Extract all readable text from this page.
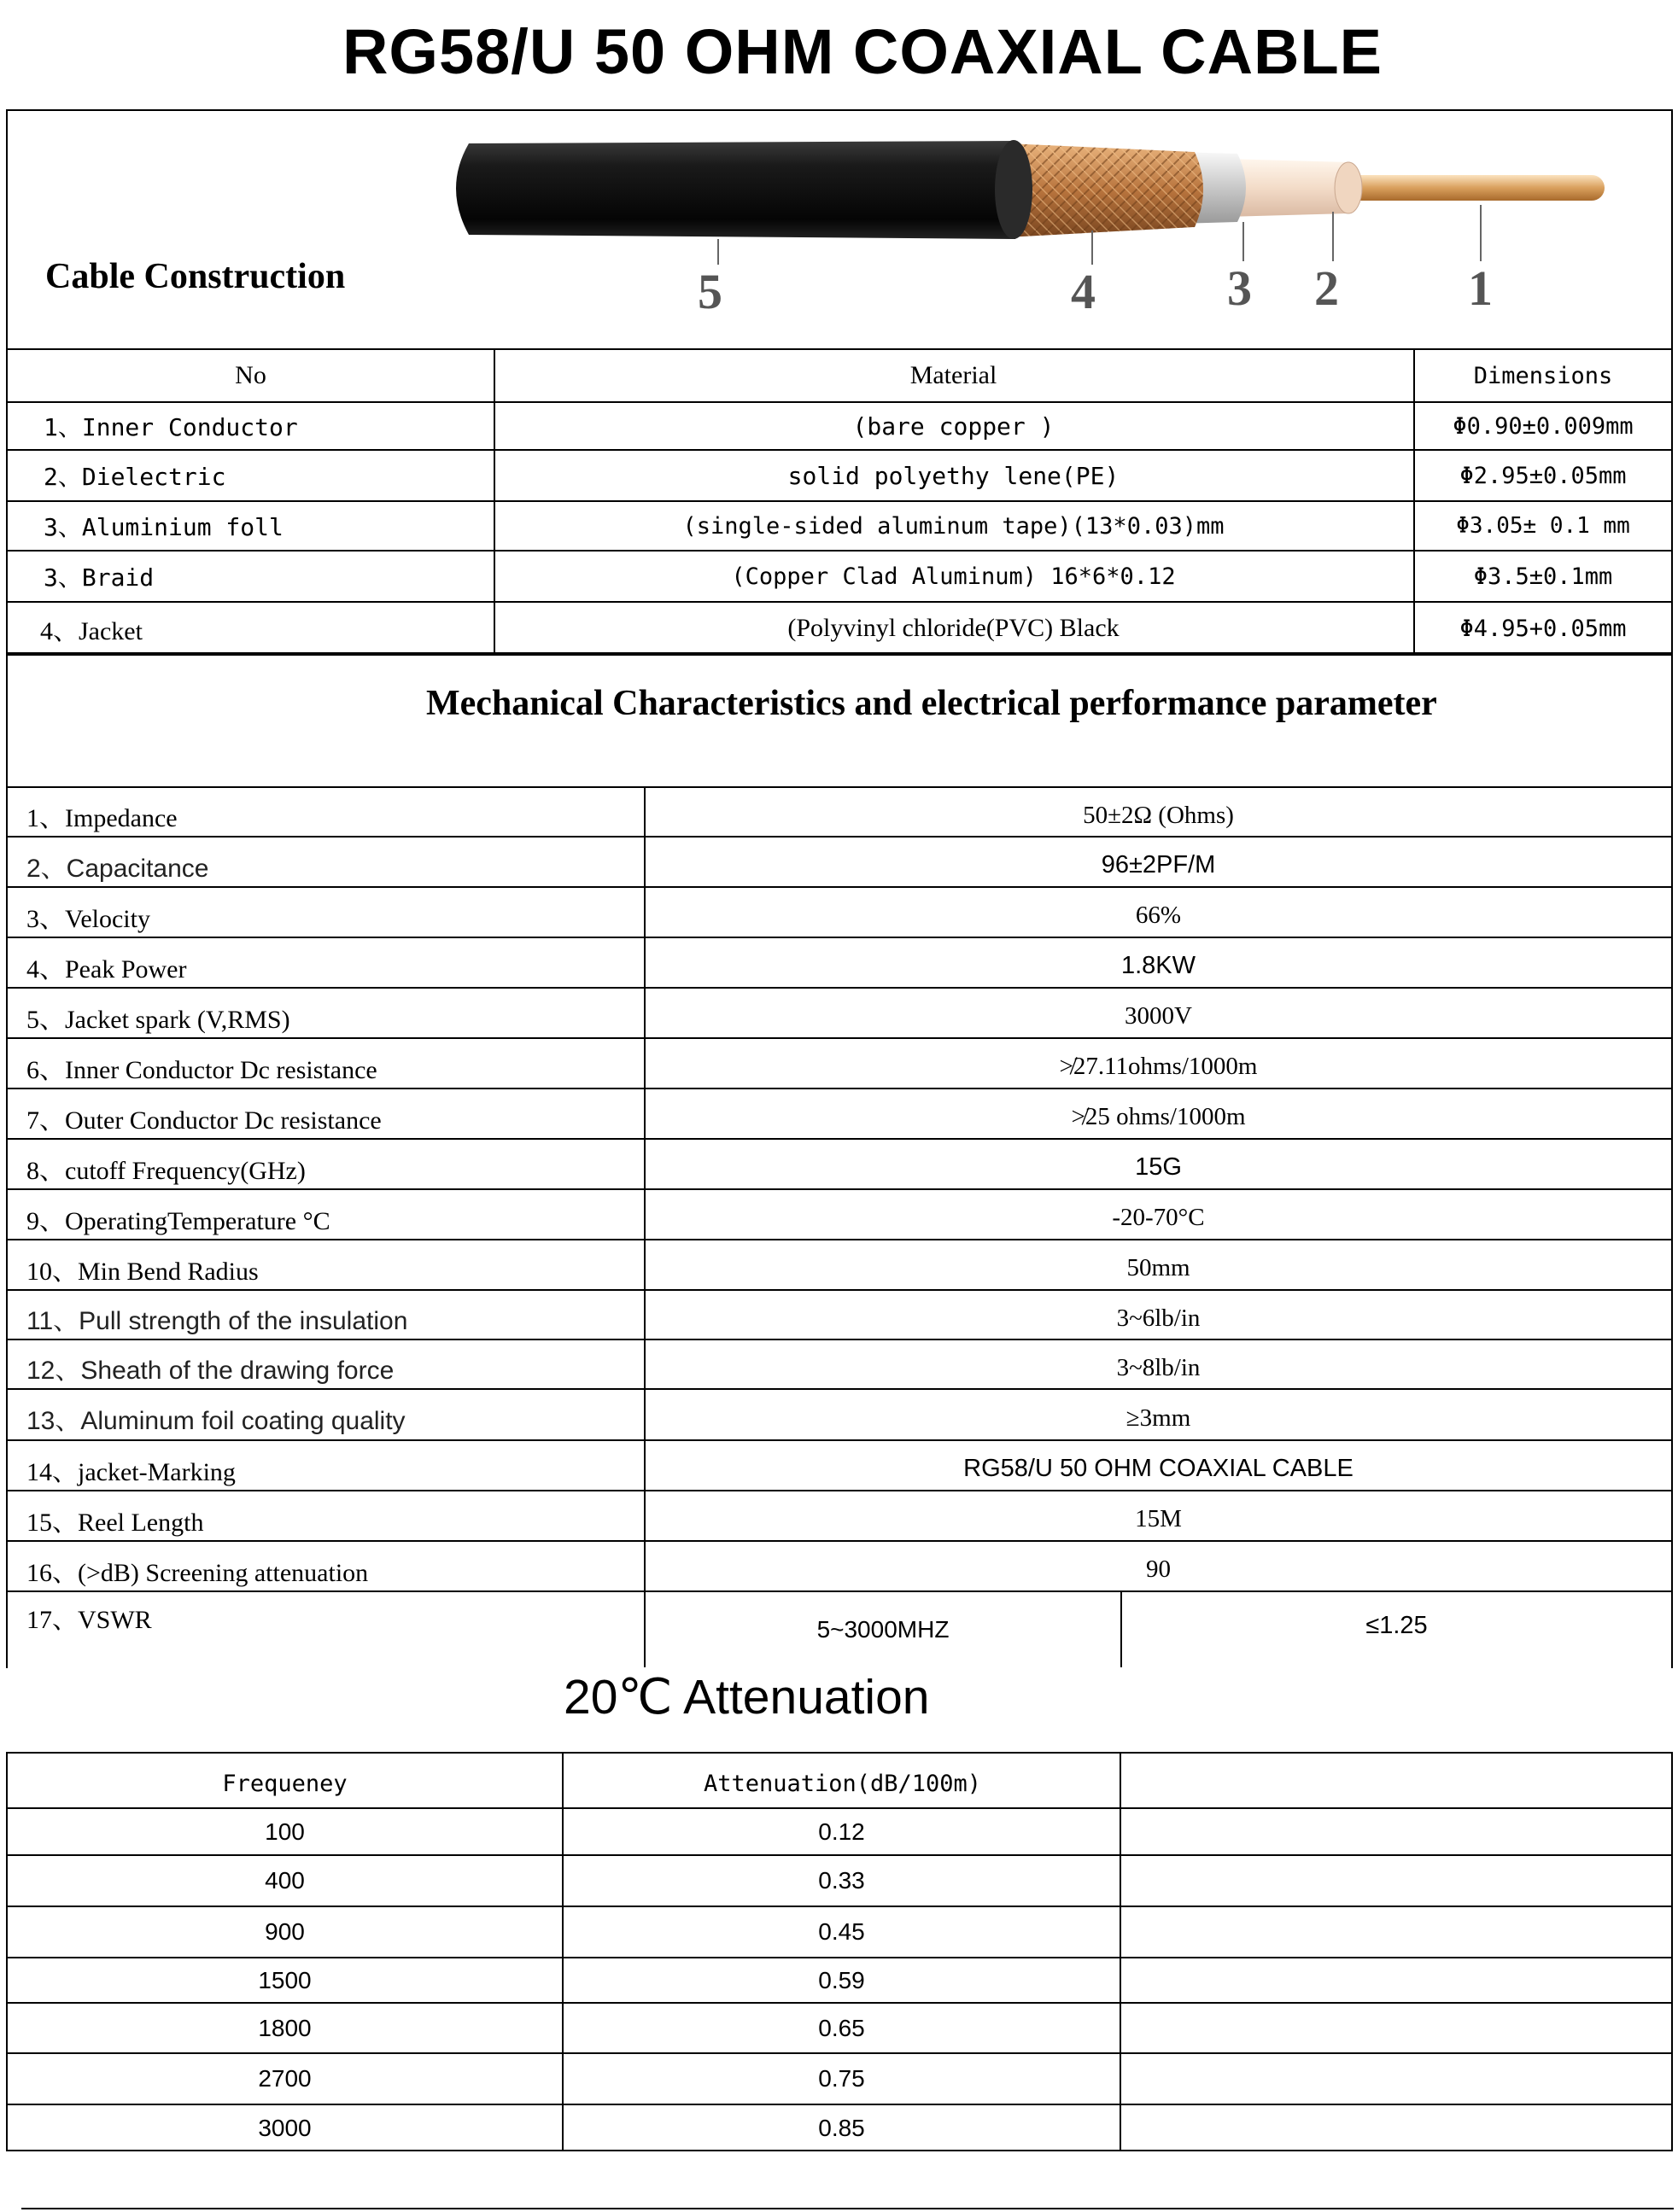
RG58/U 50 OHM COAXIAL CABLE
Cable Construction	5	4	3 2	1
No	Material	Dimensions
1、Inner Conductor	(bare copper )	Φ0.90±0.009mm
2、Dielectric	solid polyethy lene(PE)	Φ2.95±0.05mm
3、Aluminium foll	(single-sided aluminum tape)(13*0.03)mm	Φ3.05± 0.1 mm
3、Braid	(Copper Clad Aluminum) 16*6*0.12	Φ3.5±0.1mm
4、Jacket	(Polyvinyl chloride(PVC) Black	Φ4.95+0.05mm
Mechanical Characteristics and electrical performance parameter
1、Impedance	50±2Ω (Ohms)
2、Capacitance	96±2PF/M
3、Velocity	66%
4、Peak Power	1.8KW
5、Jacket spark (V,RMS)	3000V
6、Inner Conductor Dc resistance	≯27.11ohms/1000m
7、Outer Conductor Dc resistance	≯25 ohms/1000m
8、cutoff Frequency(GHz)	15G
9、OperatingTemperature °C	-20-70°C
10、Min Bend Radius	50mm
11、Pull strength of the insulation	3~6lb/in
12、Sheath of the drawing force	3~8lb/in
13、Aluminum foil coating quality	≥3mm
14、jacket-Marking	RG58/U 50 OHM COAXIAL CABLE
15、Reel Length	15M
16、(>dB) Screening attenuation	90
17、VSWR	5~3000MHZ	≤1.25
20℃ Attenuation
Frequeney	Attenuation(dB/100m)
100	0.12
400	0.33
900	0.45
1500	0.59
1800	0.65
2700	0.75
3000	0.85
